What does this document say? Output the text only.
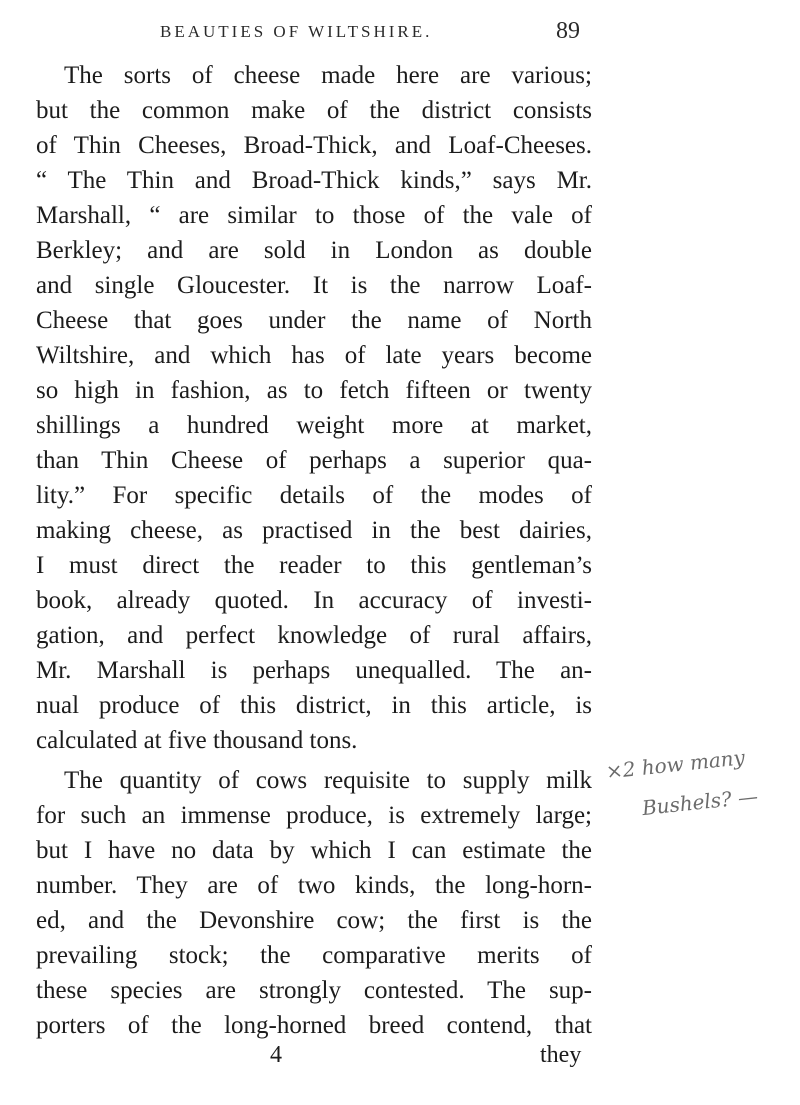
BEAUTIES OF WILTSHIRE.	89
The sorts of cheese made here are various;
but the common make of the district consists
of Thin Cheeses, Broad-Thick, and Loaf-Cheeses.
“ The Thin and Broad-Thick kinds,” says Mr.
Marshall, “ are similar to those of the vale of
Berkley; and are sold in London as double
and single Gloucester. It is the narrow Loaf-
Cheese that goes under the name of North
Wiltshire, and which has of late years become
so high in fashion, as to fetch fifteen or twenty
shillings a hundred weight more at market,
than Thin Cheese of perhaps a superior qua-
lity.” For specific details of the modes of
making cheese, as practised in the best dairies,
I must direct the reader to this gentleman’s
book, already quoted. In accuracy of investi-
gation, and perfect knowledge of rural affairs,
Mr. Marshall is perhaps unequalled. The an-
nual produce of this district, in this article, is
calculated at five thousand tons.
The quantity of cows requisite to supply milk
for such an immense produce, is extremely large;
but I have no data by which I can estimate the
number. They are of two kinds, the long-horn-
ed, and the Devonshire cow; the first is the
prevailing stock; the comparative merits of
these species are strongly contested. The sup-
porters of the long-horned breed contend, that
4	they
×2 how many
Bushels? —
